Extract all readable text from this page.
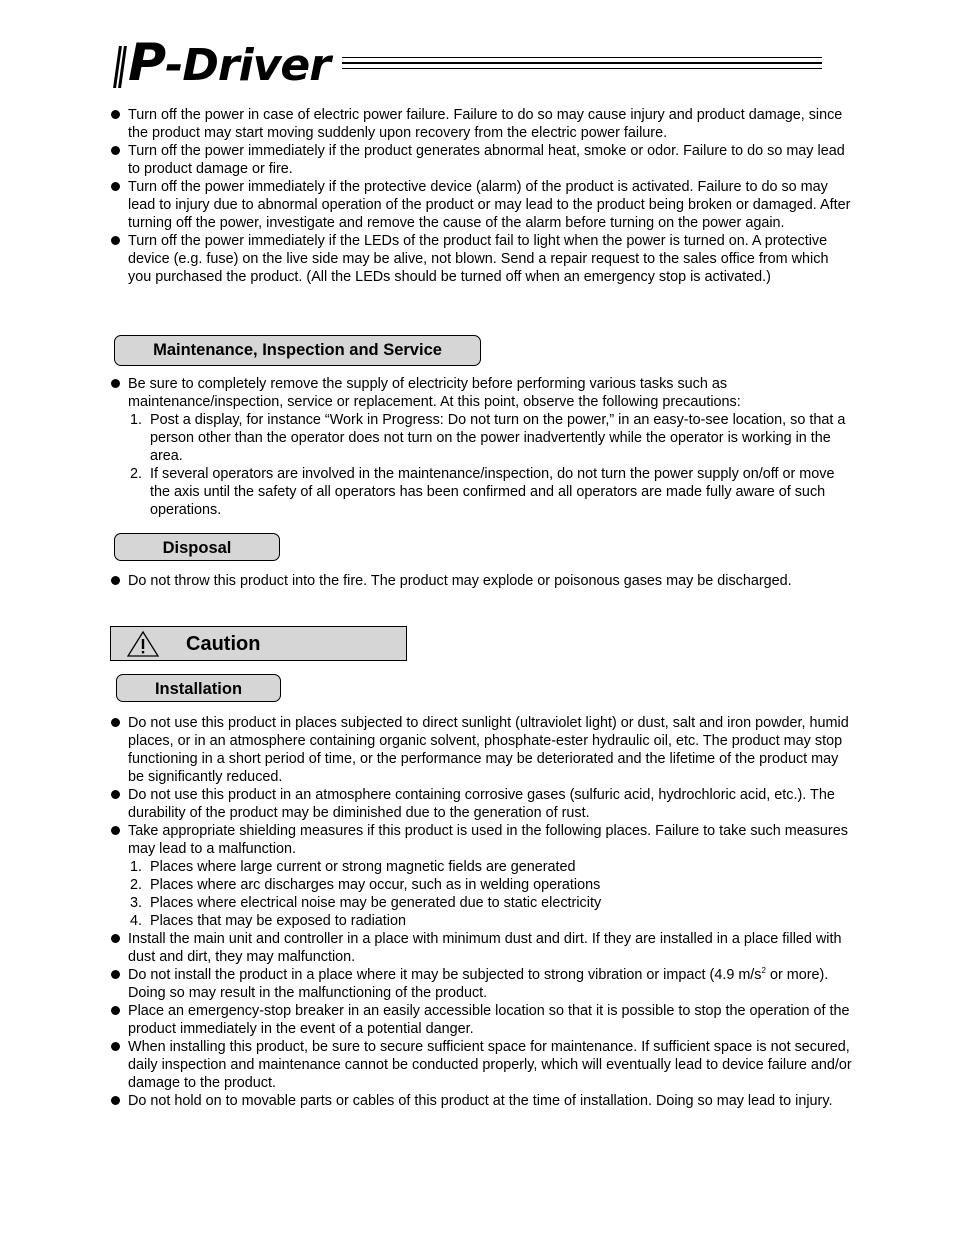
P-Driver
Turn off the power in case of electric power failure. Failure to do so may cause injury and product damage, since the product may start moving suddenly upon recovery from the electric power failure.
Turn off the power immediately if the product generates abnormal heat, smoke or odor. Failure to do so may lead to product damage or fire.
Turn off the power immediately if the protective device (alarm) of the product is activated. Failure to do so may lead to injury due to abnormal operation of the product or may lead to the product being broken or damaged. After turning off the power, investigate and remove the cause of the alarm before turning on the power again.
Turn off the power immediately if the LEDs of the product fail to light when the power is turned on. A protective device (e.g. fuse) on the live side may be alive, not blown. Send a repair request to the sales office from which you purchased the product. (All the LEDs should be turned off when an emergency stop is activated.)
Maintenance, Inspection and Service
Be sure to completely remove the supply of electricity before performing various tasks such as maintenance/inspection, service or replacement. At this point, observe the following precautions:
1. Post a display, for instance “Work in Progress: Do not turn on the power,” in an easy-to-see location, so that a person other than the operator does not turn on the power inadvertently while the operator is working in the area.
2. If several operators are involved in the maintenance/inspection, do not turn the power supply on/off or move the axis until the safety of all operators has been confirmed and all operators are made fully aware of such operations.
Disposal
Do not throw this product into the fire. The product may explode or poisonous gases may be discharged.
Caution
Installation
Do not use this product in places subjected to direct sunlight (ultraviolet light) or dust, salt and iron powder, humid places, or in an atmosphere containing organic solvent, phosphate-ester hydraulic oil, etc. The product may stop functioning in a short period of time, or the performance may be deteriorated and the lifetime of the product may be significantly reduced.
Do not use this product in an atmosphere containing corrosive gases (sulfuric acid, hydrochloric acid, etc.). The durability of the product may be diminished due to the generation of rust.
Take appropriate shielding measures if this product is used in the following places. Failure to take such measures may lead to a malfunction.
1. Places where large current or strong magnetic fields are generated
2. Places where arc discharges may occur, such as in welding operations
3. Places where electrical noise may be generated due to static electricity
4. Places that may be exposed to radiation
Install the main unit and controller in a place with minimum dust and dirt. If they are installed in a place filled with dust and dirt, they may malfunction.
Do not install the product in a place where it may be subjected to strong vibration or impact (4.9 $m/s^2$ or more). Doing so may result in the malfunctioning of the product.
Place an emergency-stop breaker in an easily accessible location so that it is possible to stop the operation of the product immediately in the event of a potential danger.
When installing this product, be sure to secure sufficient space for maintenance. If sufficient space is not secured, daily inspection and maintenance cannot be conducted properly, which will eventually lead to device failure and/or damage to the product.
Do not hold on to movable parts or cables of this product at the time of installation. Doing so may lead to injury.
